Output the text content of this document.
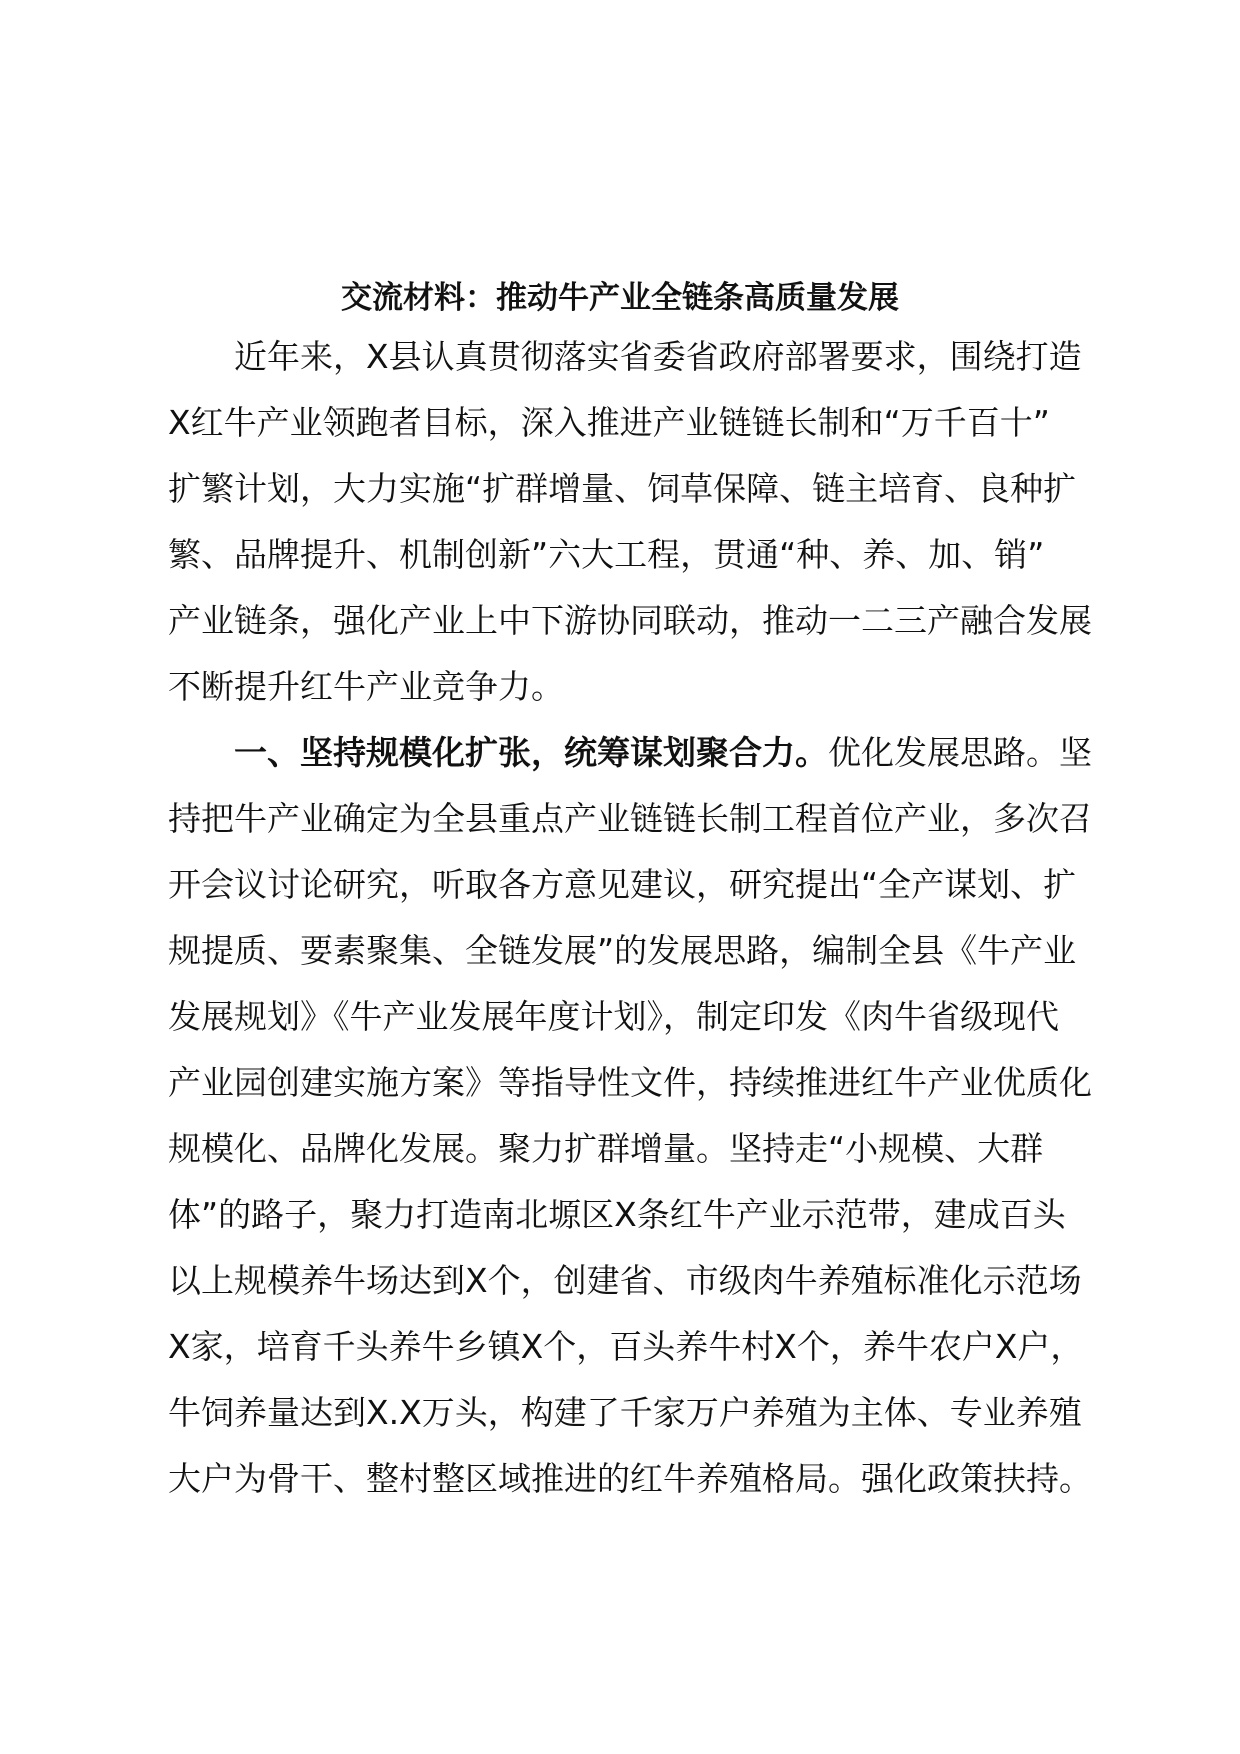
交流材料：推动牛产业全链条高质量发展
近年来，X县认真贯彻落实省委省政府部署要求，围绕打造
X红牛产业领跑者目标，深入推进产业链链长制和“万千百十”
扩繁计划，大力实施“扩群增量、饲草保障、链主培育、良种扩
繁、品牌提升、机制创新”六大工程，贯通“种、养、加、销”
产业链条，强化产业上中下游协同联动，推动一二三产融合发展
不断提升红牛产业竞争力。
一、坚持规模化扩张，统筹谋划聚合力。优化发展思路。坚
持把牛产业确定为全县重点产业链链长制工程首位产业，多次召
开会议讨论研究，听取各方意见建议，研究提出“全产谋划、扩
规提质、要素聚集、全链发展”的发展思路，编制全县《牛产业
发展规划》《牛产业发展年度计划》，制定印发《肉牛省级现代
产业园创建实施方案》等指导性文件，持续推进红牛产业优质化
规模化、品牌化发展。聚力扩群增量。坚持走“小规模、大群
体”的路子，聚力打造南北塬区X条红牛产业示范带，建成百头
以上规模养牛场达到X个，创建省、市级肉牛养殖标准化示范场
X家，培育千头养牛乡镇X个，百头养牛村X个，养牛农户X户，
牛饲养量达到X.X万头，构建了千家万户养殖为主体、专业养殖
大户为骨干、整村整区域推进的红牛养殖格局。强化政策扶持。
